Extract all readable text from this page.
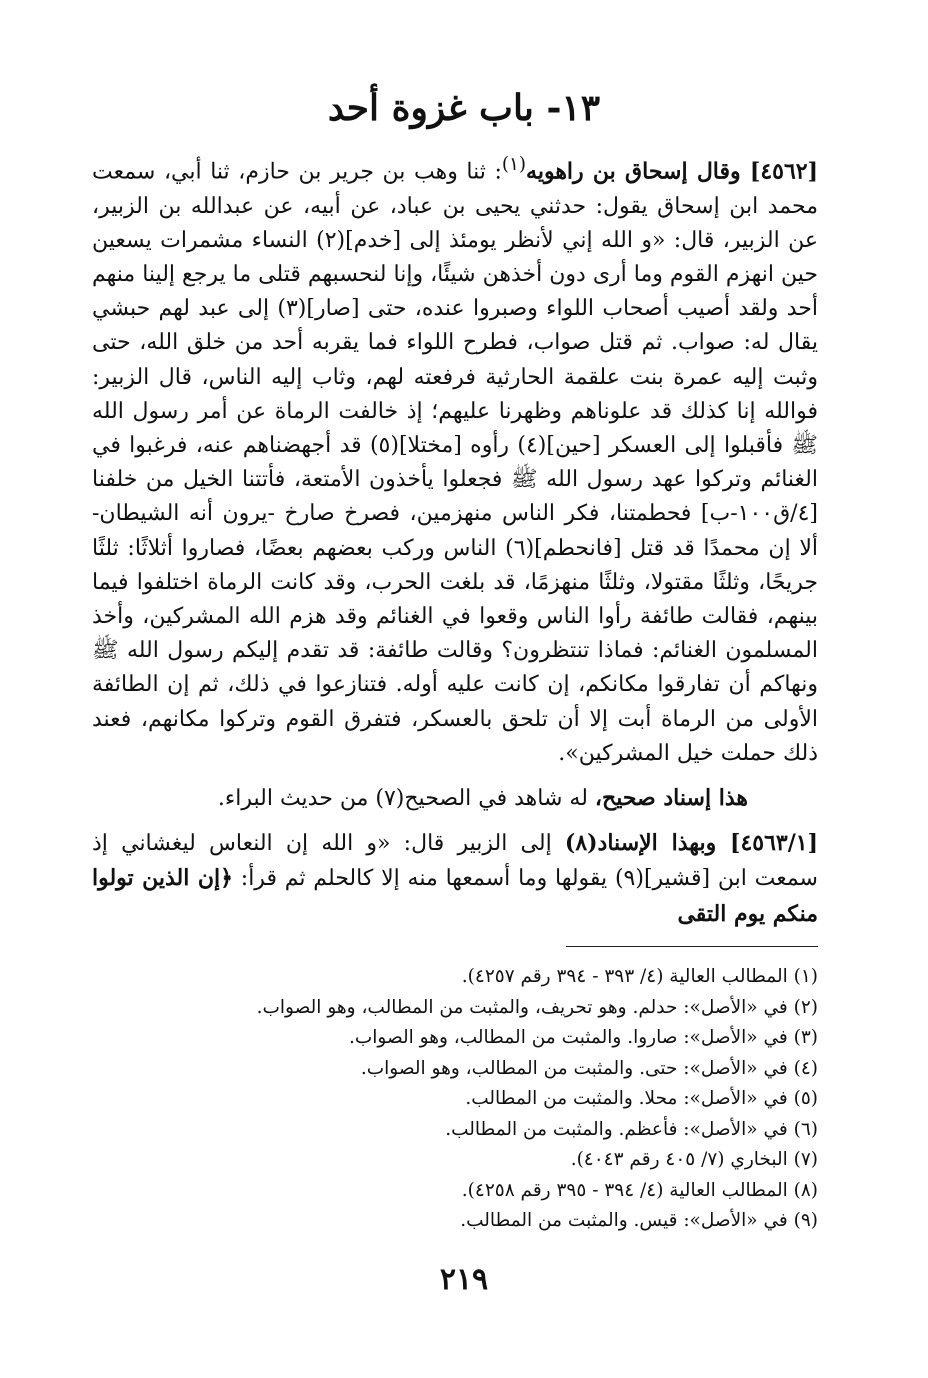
١٣- باب غزوة أحد

[٤٥٦٢] وقال إسحاق بن راهويه$^{(١)}$: ثنا وهب بن جرير بن حازم، ثنا أبي، سمعت محمد ابن إسحاق يقول: حدثني يحيى بن عباد، عن أبيه، عن عبدالله بن الزبير، عن الزبير، قال: «و الله إني لأنظر يومئذ إلى [خدم](٢) النساء مشمرات يسعين حين انهزم القوم وما أرى دون أخذهن شيئًا، وإنا لنحسبهم قتلى ما يرجع إلينا منهم أحد ولقد أصيب أصحاب اللواء وصبروا عنده، حتى [صار](٣) إلى عبد لهم حبشي يقال له: صواب. ثم قتل صواب، فطرح اللواء فما يقربه أحد من خلق الله، حتى وثبت إليه عمرة بنت علقمة الحارثية فرفعته لهم، وثاب إليه الناس، قال الزبير: فوالله إنا كذلك قد علوناهم وظهرنا عليهم؛ إذ خالفت الرماة عن أمر رسول الله ﷺ فأقبلوا إلى العسكر [حين](٤) رأوه [مختلا](٥) قد أجهضناهم عنه، فرغبوا في الغنائم وتركوا عهد رسول الله ﷺ فجعلوا يأخذون الأمتعة، فأتتنا الخيل من خلفنا [٤/ق١٠٠-ب] فحطمتنا، فكر الناس منهزمين، فصرخ صارخ -يرون أنه الشيطان- ألا إن محمدًا قد قتل [فانحطم](٦) الناس وركب بعضهم بعضًا، فصاروا أثلاثًا: ثلثًا جريحًا، وثلثًا مقتولا، وثلثًا منهزمًا، قد بلغت الحرب، وقد كانت الرماة اختلفوا فيما بينهم، فقالت طائفة رأوا الناس وقعوا في الغنائم وقد هزم الله المشركين، وأخذ المسلمون الغنائم: فماذا تنتظرون؟ وقالت طائفة: قد تقدم إليكم رسول الله ﷺ ونهاكم أن تفارقوا مكانكم، إن كانت عليه أوله. فتنازعوا في ذلك، ثم إن الطائفة الأولى من الرماة أبت إلا أن تلحق بالعسكر، فتفرق القوم وتركوا مكانهم، فعند ذلك حملت خيل المشركين».

هذا إسناد صحيح، له شاهد في الصحيح(٧) من حديث البراء.

[٤٥٦٣/١] وبهذا الإسناد(٨) إلى الزبير قال: «و الله إن النعاس ليغشاني إذ سمعت ابن [قشير](٩) يقولها وما أسمعها منه إلا كالحلم ثم قرأ: ﴿إن الذين تولوا منكم يوم التقى

(١) المطالب العالية (٤/ ٣٩٣ - ٣٩٤ رقم ٤٢٥٧).
(٢) في «الأصل»: حدلم. وهو تحريف، والمثبت من المطالب، وهو الصواب.
(٣) في «الأصل»: صاروا. والمثبت من المطالب، وهو الصواب.
(٤) في «الأصل»: حتى. والمثبت من المطالب، وهو الصواب.
(٥) في «الأصل»: محلا. والمثبت من المطالب.
(٦) في «الأصل»: فأعظم. والمثبت من المطالب.
(٧) البخاري (٧/ ٤٠٥ رقم ٤٠٤٣).
(٨) المطالب العالية (٤/ ٣٩٤ - ٣٩٥ رقم ٤٢٥٨).
(٩) في «الأصل»: قيس. والمثبت من المطالب.
٢١٩
